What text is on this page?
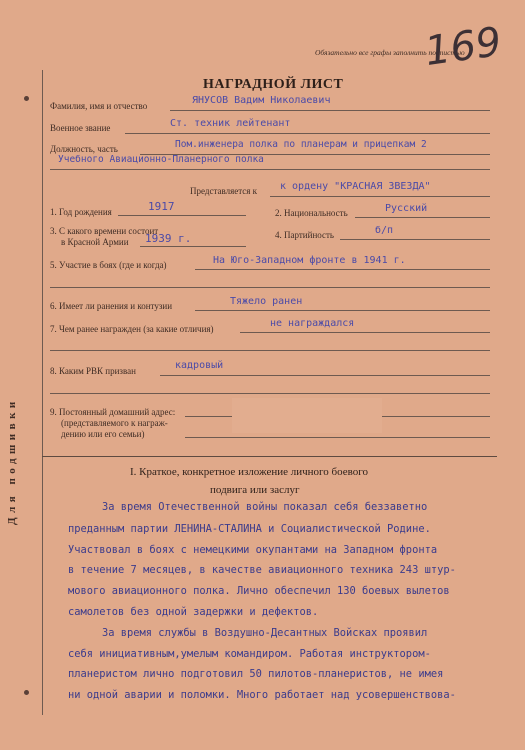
Обязательно все графы заполнить подпистью
169
НАГРАДНОЙ ЛИСТ
Для подшивки
Фамилия, имя и отчество	ЯНУСОВ Вадим Николаевич
Военное звание	Ст. техник лейтенант
Должность, часть	Пом.инженера полка по планерам и прицепкам 2
Учебного Авиационно-Планерного полка
Представляется к к ордену "КРАСНАЯ ЗВЕЗДА"
1. Год рождения	1917	2. Национальность	Русский
3. С какого времени состоит
в Красной Армии 1939 г.	4. Партийность	б/п
5. Участие в боях (где и когда)	На Юго-Западном фронте в 1941 г.
6. Имеет ли ранения и контузии	Тяжело ранен
7. Чем ранее награжден (за какие отличия)	не награждался
8. Каким РВК призван	кадровый
9. Постоянный домашний адрес:
(представляемого к награж-
дению или его семьи)
I. Краткое, конкретное изложение личного боевого
подвига или заслуг
За время Отечественной войны показал себя беззаветно
преданным партии ЛЕНИНА-СТАЛИНА и Социалистической Родине.
Участвовал в боях с немецкими окупантами на Западном фронта
в течение 7 месяцев, в качестве авиационного техника 243 штур-
мового авиационного полка. Лично обеспечил 130 боевых вылетов
самолетов без одной задержки и дефектов.
За время службы в Воздушно-Десантных Войсках проявил
себя инициативным,умелым командиром. Работая инструктором-
планеристом лично подготовил 50 пилотов-планеристов, не имея
ни одной аварии и поломки. Много работает над усовершенствова-
